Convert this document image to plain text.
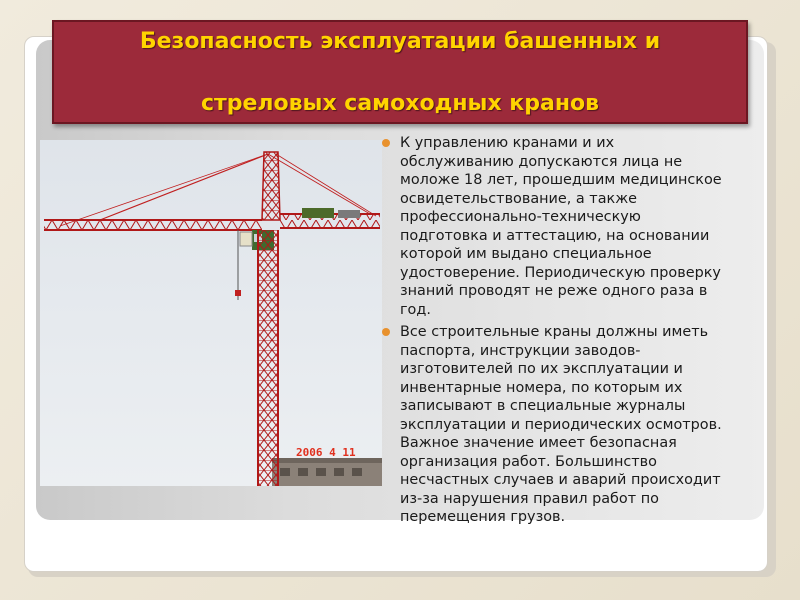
Безопасность эксплуатации башенных и

стреловых самоходных кранов

2006 4 11
К управлению кранами и их
обслуживанию допускаются лица не
моложе 18 лет, прошедшим медицинское
освидетельствование, а также
профессионально-техническую
подготовка и аттестацию, на основании
которой им выдано специальное
удостоверение. Периодическую проверку
знаний проводят не реже одного раза в
год.
Все строительные краны должны иметь
паспорта, инструкции заводов-
изготовителей по их эксплуатации и
инвентарные номера, по которым их
записывают в специальные журналы
эксплуатации и периодических осмотров.
Важное значение имеет безопасная
организация работ. Большинство
несчастных случаев и аварий происходит
из-за нарушения правил работ по
перемещения грузов.
